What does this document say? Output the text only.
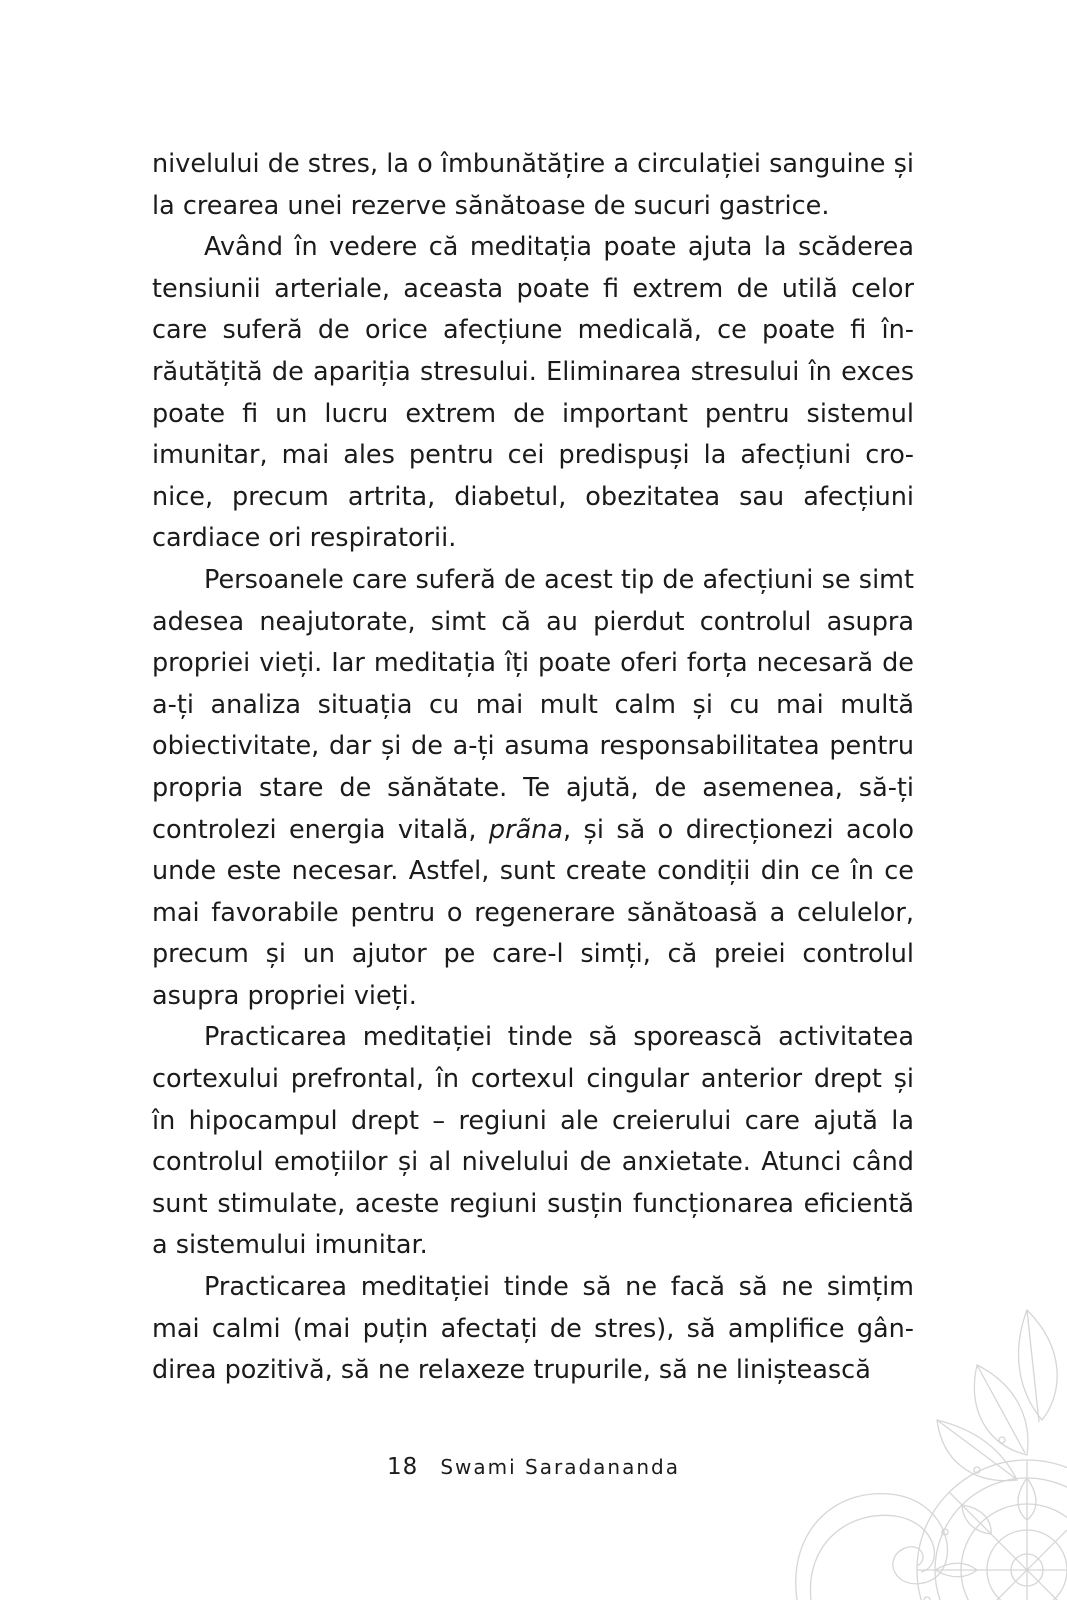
nivelului de stres, la o îmbunătățire a circulației sanguine și la crearea unei rezerve sănătoase de sucuri gastrice.

Având în vedere că meditația poate ajuta la scăderea tensiunii arteriale, aceasta poate fi extrem de utilă celor care suferă de orice afecțiune medicală, ce poate fi înrăutățită de apariția stresului. Eliminarea stresului în exces poate fi un lucru extrem de important pentru sistemul imunitar, mai ales pentru cei predispuși la afecțiuni cronice, precum artrita, diabetul, obezitatea sau afecțiuni cardiace ori respiratorii.

Persoanele care suferă de acest tip de afecțiuni se simt adesea neajutorate, simt că au pierdut controlul asupra propriei vieți. Iar meditația îți poate oferi forța necesară de a-ți analiza situația cu mai mult calm și cu mai multă obiectivitate, dar și de a-ți asuma responsabilitatea pentru propria stare de sănătate. Te ajută, de asemenea, să-ți controlezi energia vitală, prãna, și să o direcționezi acolo unde este necesar. Astfel, sunt create condiții din ce în ce mai favorabile pentru o regenerare sănătoasă a celulelor, precum și un ajutor pe care-l simți, că preiei controlul asupra propriei vieți.

Practicarea meditației tinde să sporească activitatea cortexului prefrontal, în cortexul cingular anterior drept și în hipocampul drept – regiuni ale creierului care ajută la controlul emoțiilor și al nivelului de anxietate. Atunci când sunt stimulate, aceste regiuni susțin funcționarea eficientă a sistemului imunitar.

Practicarea meditației tinde să ne facă să ne simțim mai calmi (mai puțin afectați de stres), să amplifice gândirea pozitivă, să ne relaxeze trupurile, să ne liniștească

18 Swami Saradananda
